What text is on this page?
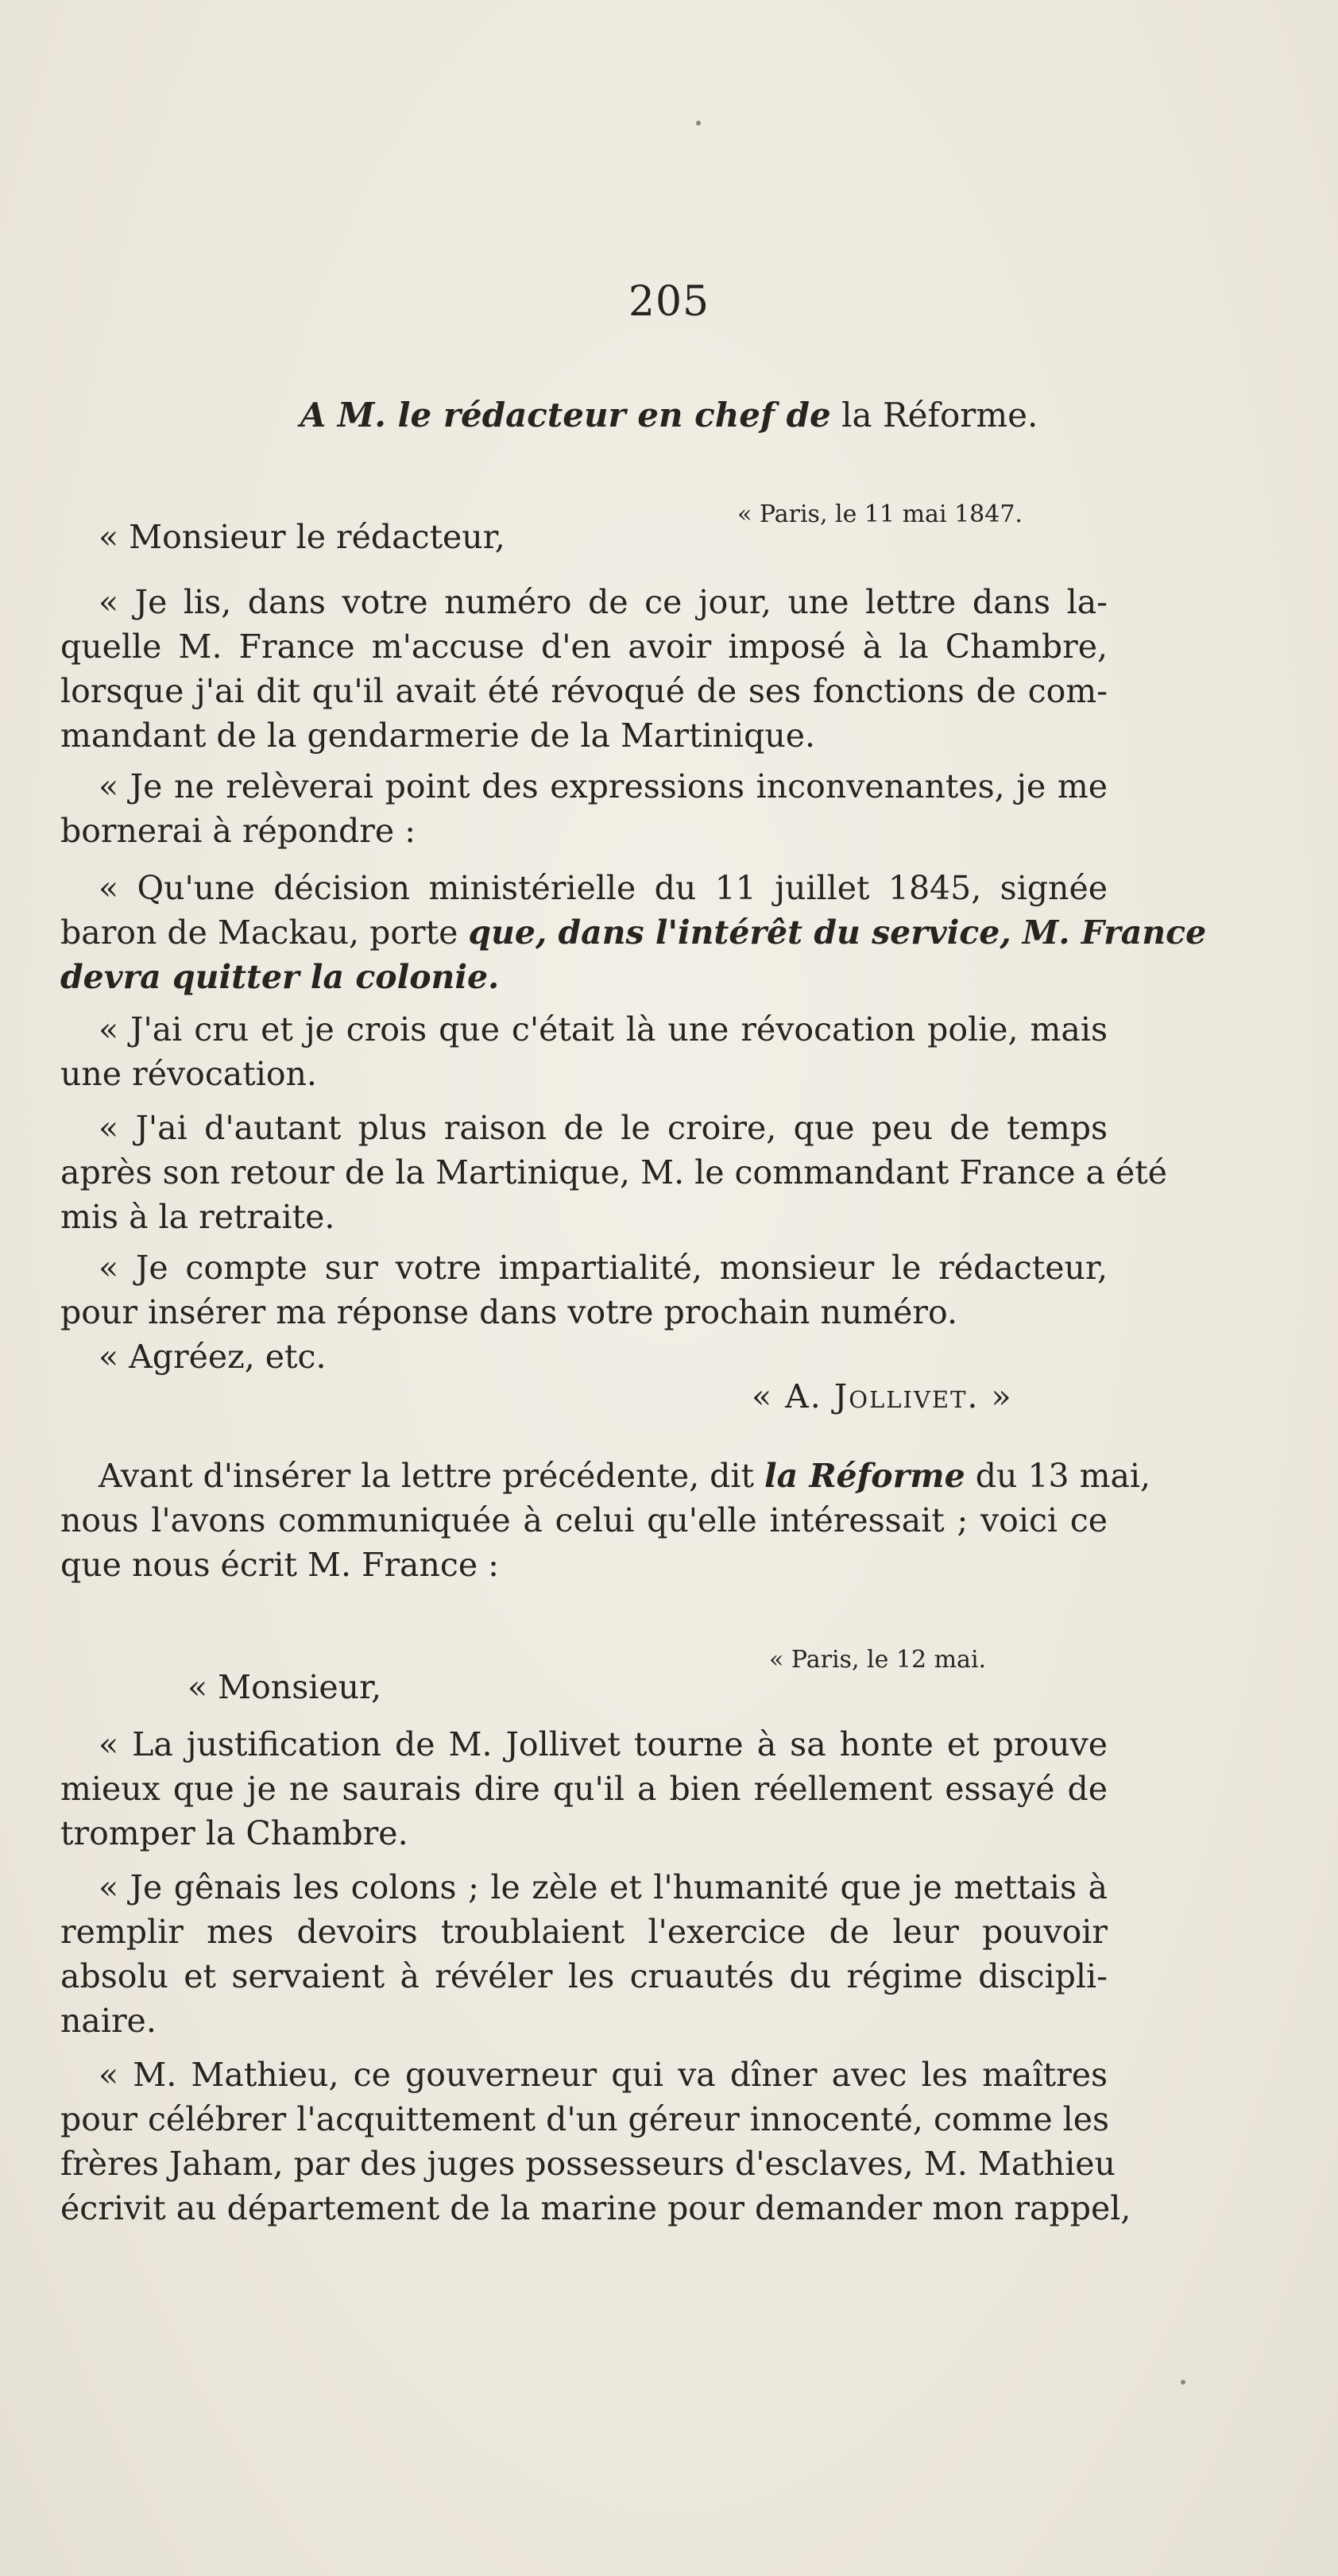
205
A M. le rédacteur en chef de la Réforme.
« Paris, le 11 mai 1847.
« Monsieur le rédacteur,
« Je lis, dans votre numéro de ce jour, une lettre dans la-
quelle M. France m'accuse d'en avoir imposé à la Chambre,
lorsque j'ai dit qu'il avait été révoqué de ses fonctions de com-
mandant de la gendarmerie de la Martinique.
« Je ne relèverai point des expressions inconvenantes, je me
bornerai à répondre :
« Qu'une décision ministérielle du 11 juillet 1845, signée
baron de Mackau, porte que, dans l'intérêt du service, M. France
devra quitter la colonie.
« J'ai cru et je crois que c'était là une révocation polie, mais
une révocation.
« J'ai d'autant plus raison de le croire, que peu de temps
après son retour de la Martinique, M. le commandant France a été
mis à la retraite.
« Je compte sur votre impartialité, monsieur le rédacteur,
pour insérer ma réponse dans votre prochain numéro.
« Agréez, etc.
« A. Jollivet. »
Avant d'insérer la lettre précédente, dit la Réforme du 13 mai,
nous l'avons communiquée à celui qu'elle intéressait ; voici ce
que nous écrit M. France :
« Paris, le 12 mai.
« Monsieur,
« La justification de M. Jollivet tourne à sa honte et prouve
mieux que je ne saurais dire qu'il a bien réellement essayé de
tromper la Chambre.
« Je gênais les colons ; le zèle et l'humanité que je mettais à
remplir mes devoirs troublaient l'exercice de leur pouvoir
absolu et servaient à révéler les cruautés du régime discipli-
naire.
« M. Mathieu, ce gouverneur qui va dîner avec les maîtres
pour célébrer l'acquittement d'un géreur innocenté, comme les
frères Jaham, par des juges possesseurs d'esclaves, M. Mathieu
écrivit au département de la marine pour demander mon rappel,
